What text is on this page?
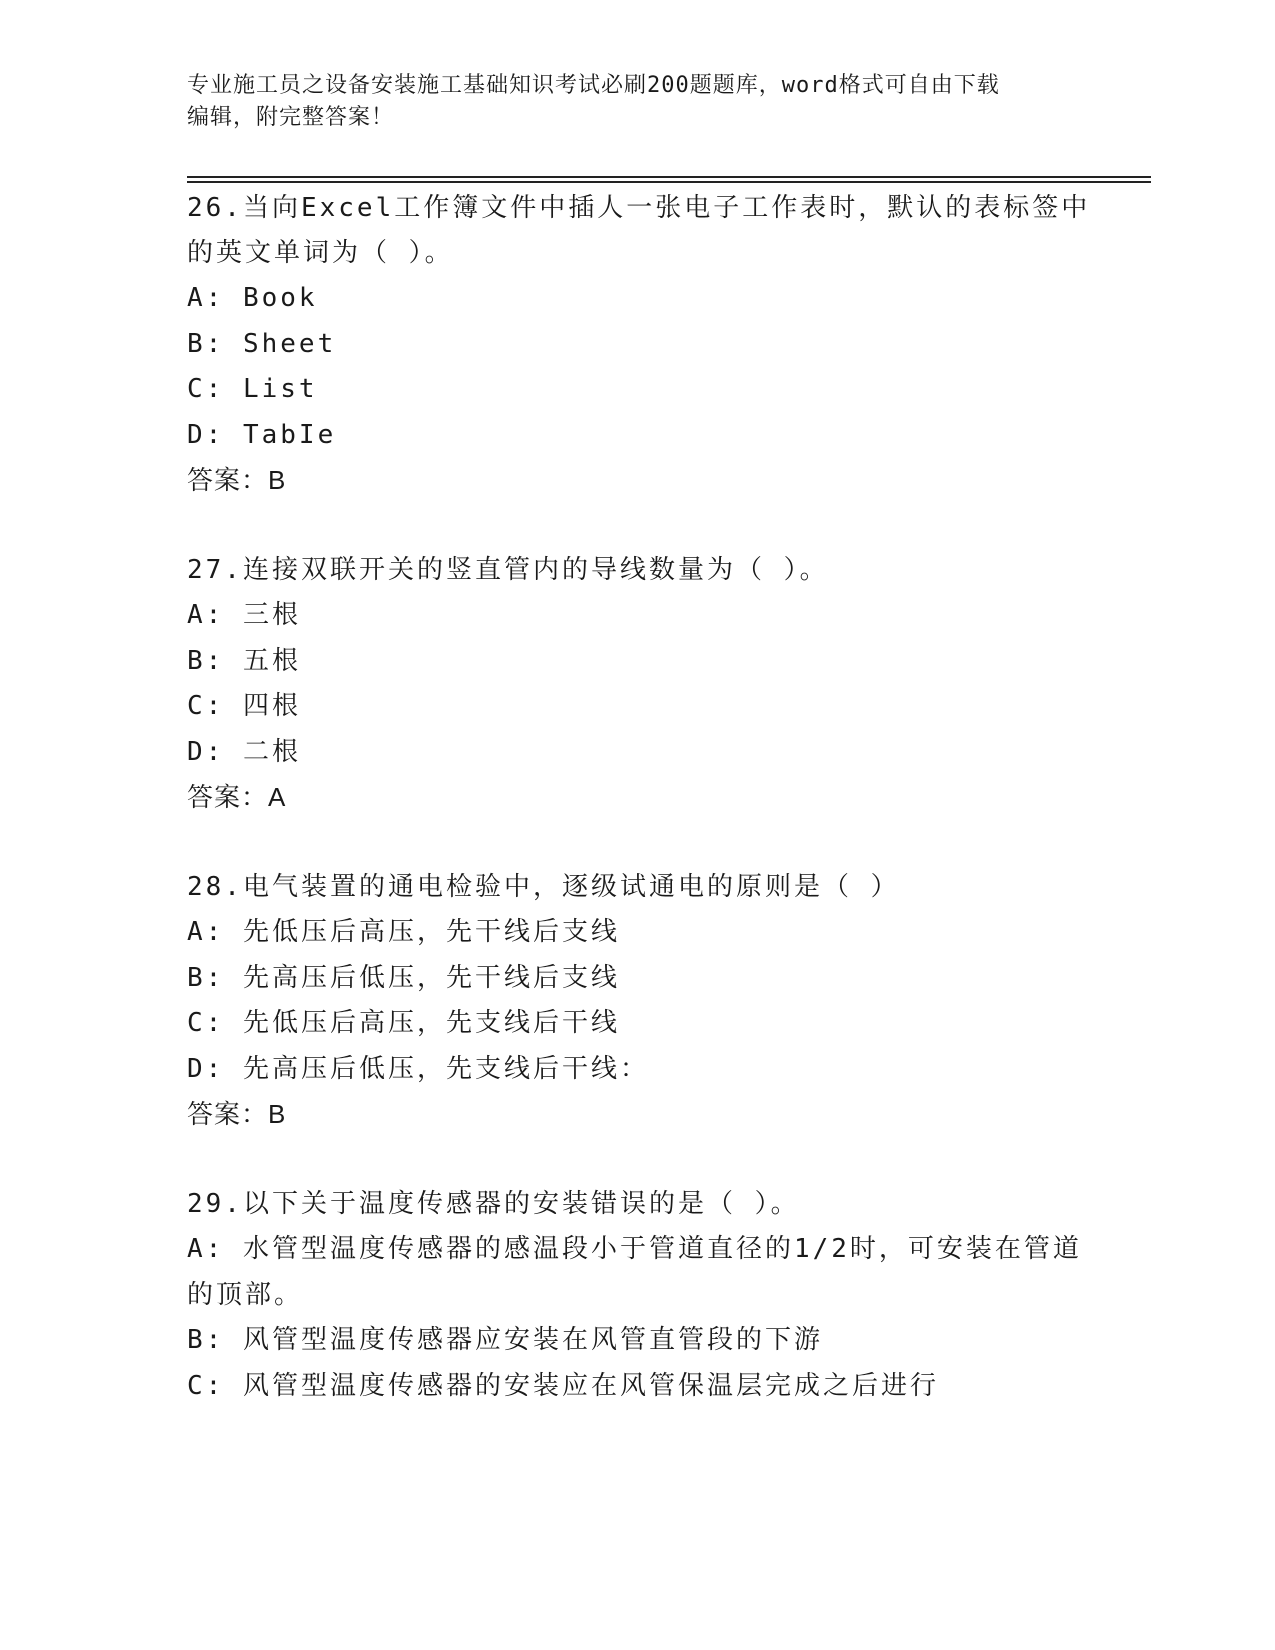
专业施工员之设备安装施工基础知识考试必刷200题题库，word格式可自由下载
编辑，附完整答案！
26.当向Excel工作簿文件中插人一张电子工作表时，默认的表标签中
的英文单词为（ ）。
A: Book
B: Sheet
C: List
D: TabIe
答案：B
27.连接双联开关的竖直管内的导线数量为（ ）。
A: 三根
B: 五根
C: 四根
D: 二根
答案：A
28.电气装置的通电检验中，逐级试通电的原则是（ ）
A: 先低压后高压，先干线后支线
B: 先高压后低压，先干线后支线
C: 先低压后高压，先支线后干线
D: 先高压后低压，先支线后干线：
答案：B
29.以下关于温度传感器的安装错误的是（ ）。
A: 水管型温度传感器的感温段小于管道直径的1/2时，可安装在管道
的顶部。
B: 风管型温度传感器应安装在风管直管段的下游
C: 风管型温度传感器的安装应在风管保温层完成之后进行
